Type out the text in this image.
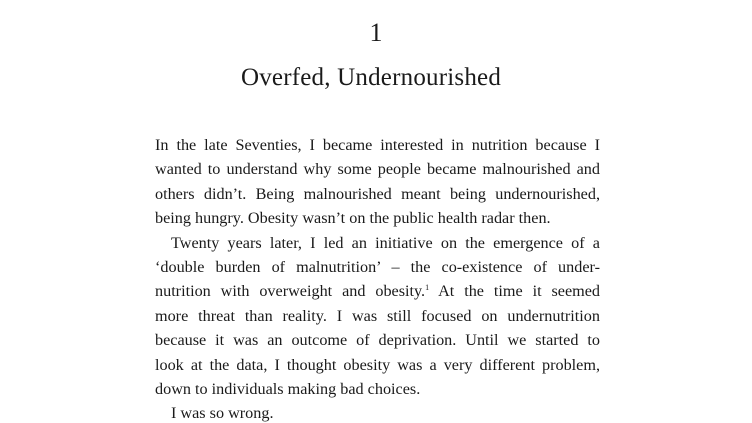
1
Overfed, Undernourished
In the late Seventies, I became interested in nutrition because I
wanted to understand why some people became malnourished and
others didn’t. Being malnourished meant being undernourished,
being hungry. Obesity wasn’t on the public health radar then.
Twenty years later, I led an initiative on the emergence of a
‘double burden of malnutrition’ – the co-existence of under-
nutrition with overweight and obesity.$^1$ At the time it seemed
more threat than reality. I was still focused on undernutrition
because it was an outcome of deprivation. Until we started to
look at the data, I thought obesity was a very different problem,
down to individuals making bad choices.
I was so wrong.
